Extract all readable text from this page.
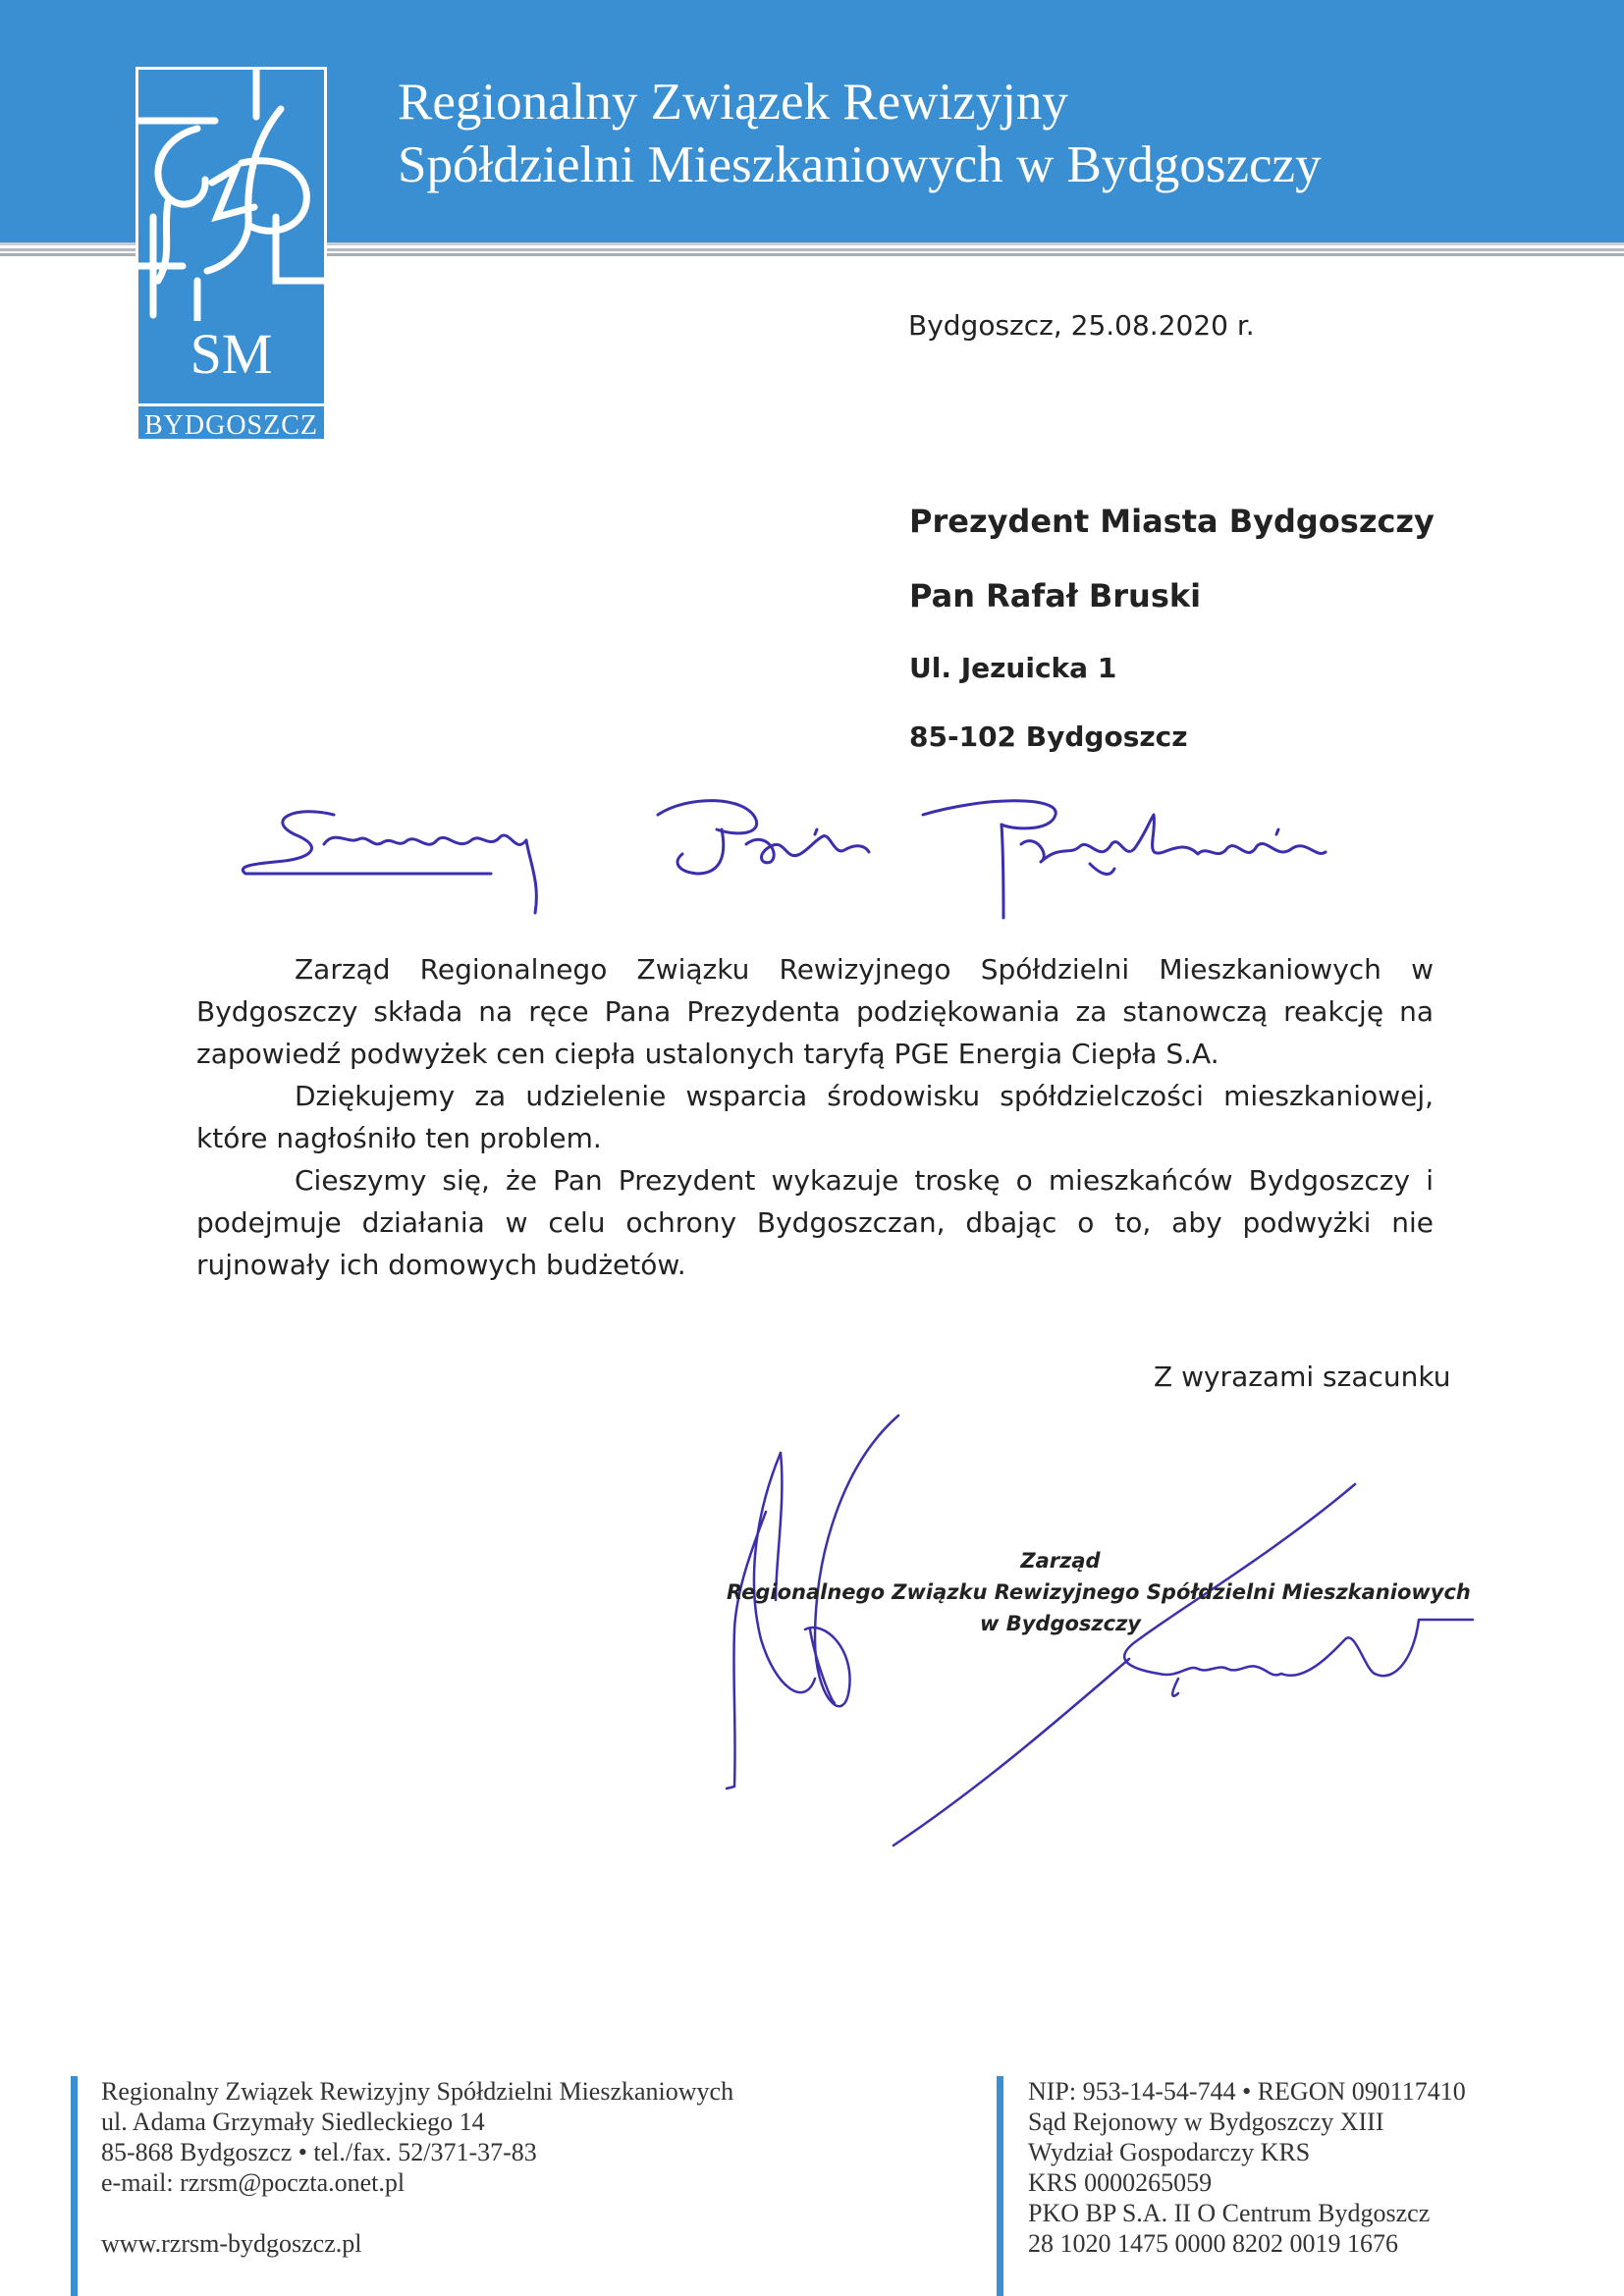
Regionalny Związek Rewizyjny
Spółdzielni Mieszkaniowych w Bydgoszczy
SM
BYDGOSZCZ
Bydgoszcz, 25.08.2020 r.
Prezydent Miasta Bydgoszczy
Pan Rafał Bruski
Ul. Jezuicka 1
85-102 Bydgoszcz

Zarząd Regionalnego Związku Rewizyjnego Spółdzielni Mieszkaniowych w Bydgoszczy składa na ręce Pana Prezydenta podziękowania za stanowczą reakcję na zapowiedź podwyżek cen ciepła ustalonych taryfą PGE Energia Ciepła S.A.

Dziękujemy za udzielenie wsparcia środowisku spółdzielczości mieszkaniowej, które nagłośniło ten problem.

Cieszymy się, że Pan Prezydent wykazuje troskę o mieszkańców Bydgoszczy i podejmuje działania w celu ochrony Bydgoszczan, dbając o to, aby podwyżki nie rujnowały ich domowych budżetów.

Z wyrazami szacunku
Zarząd
Regionalnego Związku Rewizyjnego Spółdzielni Mieszkaniowych
w Bydgoszczy
Regionalny Związek Rewizyjny Spółdzielni Mieszkaniowych
ul. Adama Grzymały Siedleckiego 14
85-868 Bydgoszcz • tel./fax. 52/371-37-83
e-mail: rzrsm@poczta.onet.pl
www.rzrsm-bydgoszcz.pl
NIP: 953-14-54-744 • REGON 090117410
Sąd Rejonowy w Bydgoszczy XIII
Wydział Gospodarczy KRS
KRS 0000265059
PKO BP S.A. II O Centrum Bydgoszcz
28 1020 1475 0000 8202 0019 1676
